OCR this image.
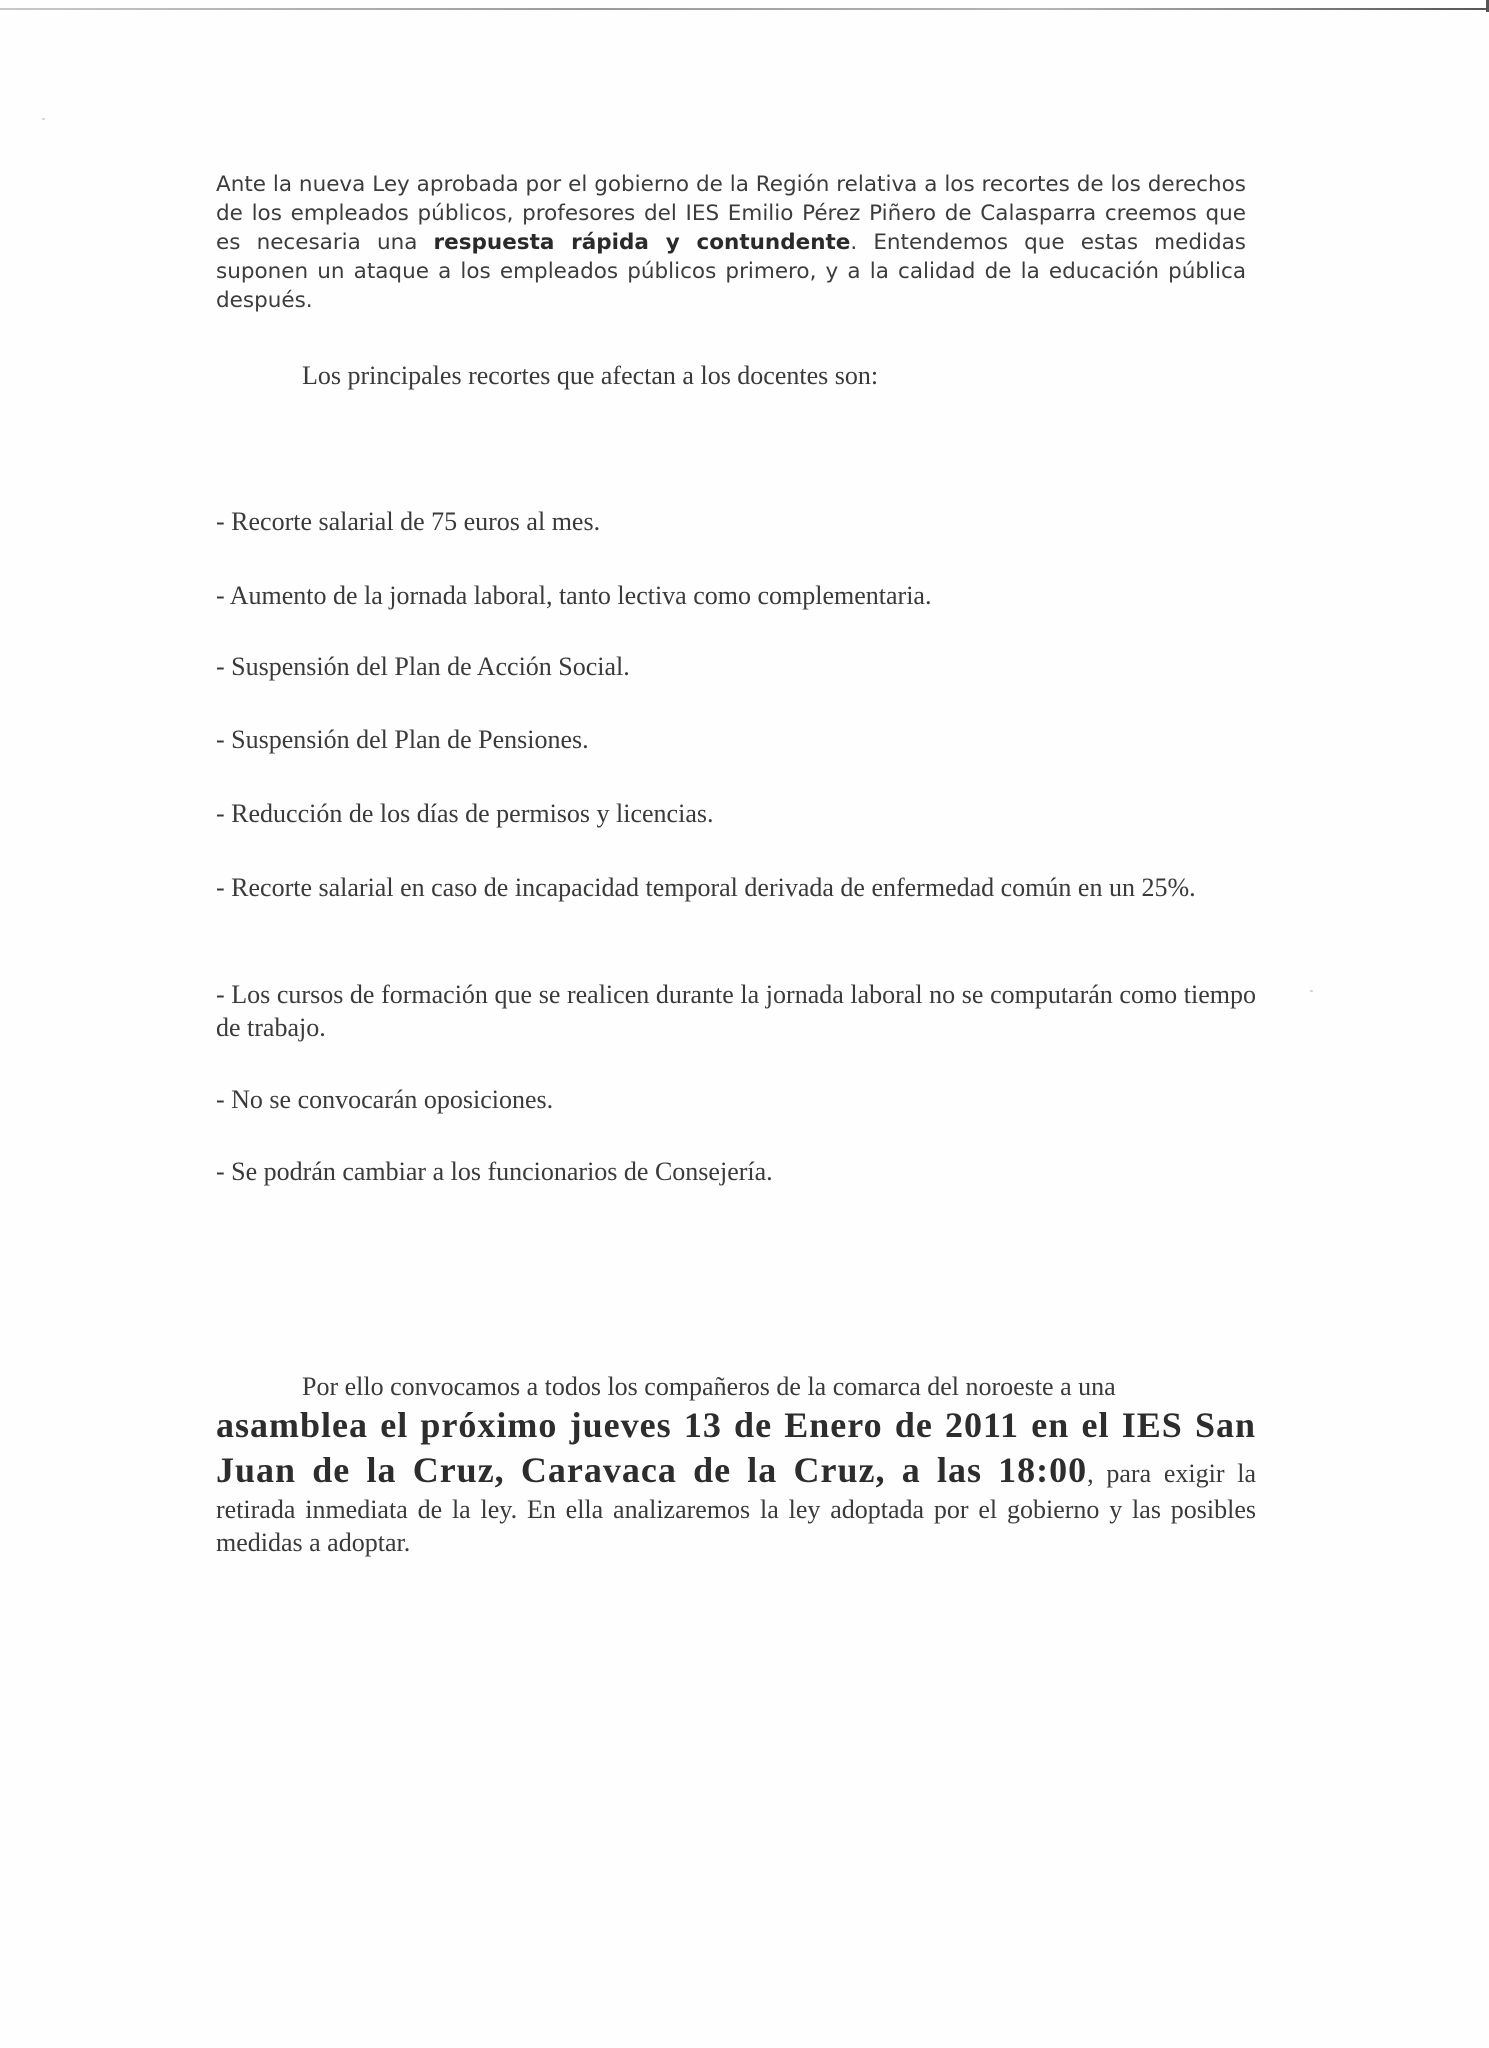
Ante la nueva Ley aprobada por el gobierno de la Región relativa a los recortes de los derechos de los empleados públicos, profesores del IES Emilio Pérez Piñero de Calasparra creemos que es necesaria una respuesta rápida y contundente. Entendemos que estas medidas suponen un ataque a los empleados públicos primero, y a la calidad de la educación pública después.
Los principales recortes que afectan a los docentes son:
- Recorte salarial de 75 euros al mes.
- Aumento de la jornada laboral, tanto lectiva como complementaria.
- Suspensión del Plan de Acción Social.
- Suspensión del Plan de Pensiones.
- Reducción de los días de permisos y licencias.
- Recorte salarial en caso de incapacidad temporal derivada de enfermedad común en un 25%.
- Los cursos de formación que se realicen durante la jornada laboral no se computarán como tiempo de trabajo.
- No se convocarán oposiciones.
- Se podrán cambiar a los funcionarios de Consejería.
Por ello convocamos a todos los compañeros de la comarca del noroeste a una
asamblea el próximo jueves 13 de Enero de 2011 en el IES San Juan de la Cruz, Caravaca de la Cruz, a las 18:00, para exigir la retirada inmediata de la ley. En ella analizaremos la ley adoptada por el gobierno y las posibles medidas a adoptar.
